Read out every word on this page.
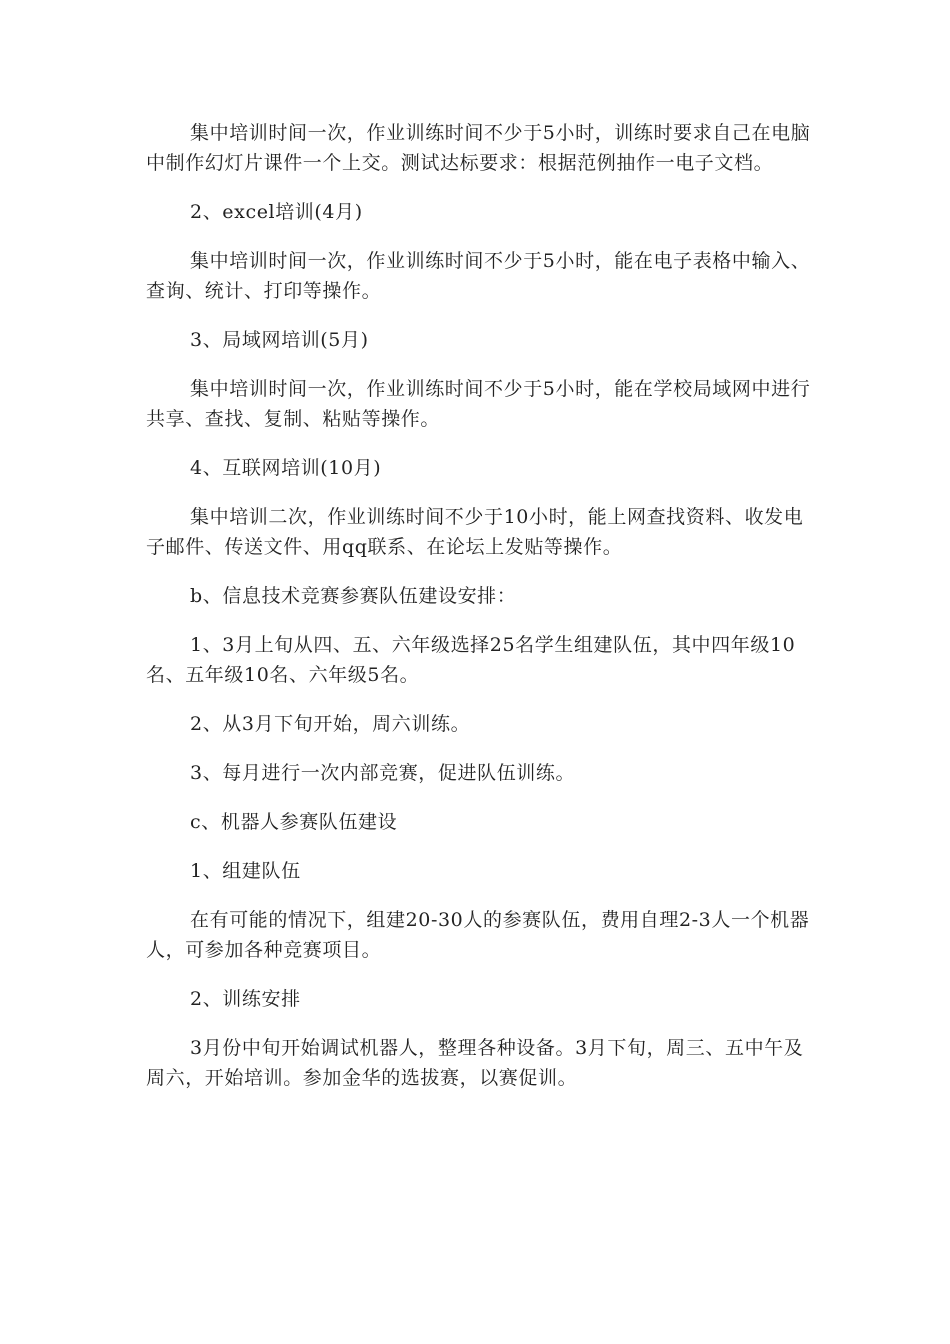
集中培训时间一次，作业训练时间不少于5小时，训练时要求自己在电脑中制作幻灯片课件一个上交。测试达标要求：根据范例抽作一电子文档。

2、excel培训(4月)

集中培训时间一次，作业训练时间不少于5小时，能在电子表格中输入、查询、统计、打印等操作。

3、局域网培训(5月)

集中培训时间一次，作业训练时间不少于5小时，能在学校局域网中进行共享、查找、复制、粘贴等操作。

4、互联网培训(10月)

集中培训二次，作业训练时间不少于10小时，能上网查找资料、收发电子邮件、传送文件、用qq联系、在论坛上发贴等操作。

b、信息技术竞赛参赛队伍建设安排：

1、3月上旬从四、五、六年级选择25名学生组建队伍，其中四年级10名、五年级10名、六年级5名。

2、从3月下旬开始，周六训练。

3、每月进行一次内部竞赛，促进队伍训练。

c、机器人参赛队伍建设

1、组建队伍

在有可能的情况下，组建20-30人的参赛队伍，费用自理2-3人一个机器人，可参加各种竞赛项目。

2、训练安排

3月份中旬开始调试机器人，整理各种设备。3月下旬，周三、五中午及周六，开始培训。参加金华的选拔赛，以赛促训。
